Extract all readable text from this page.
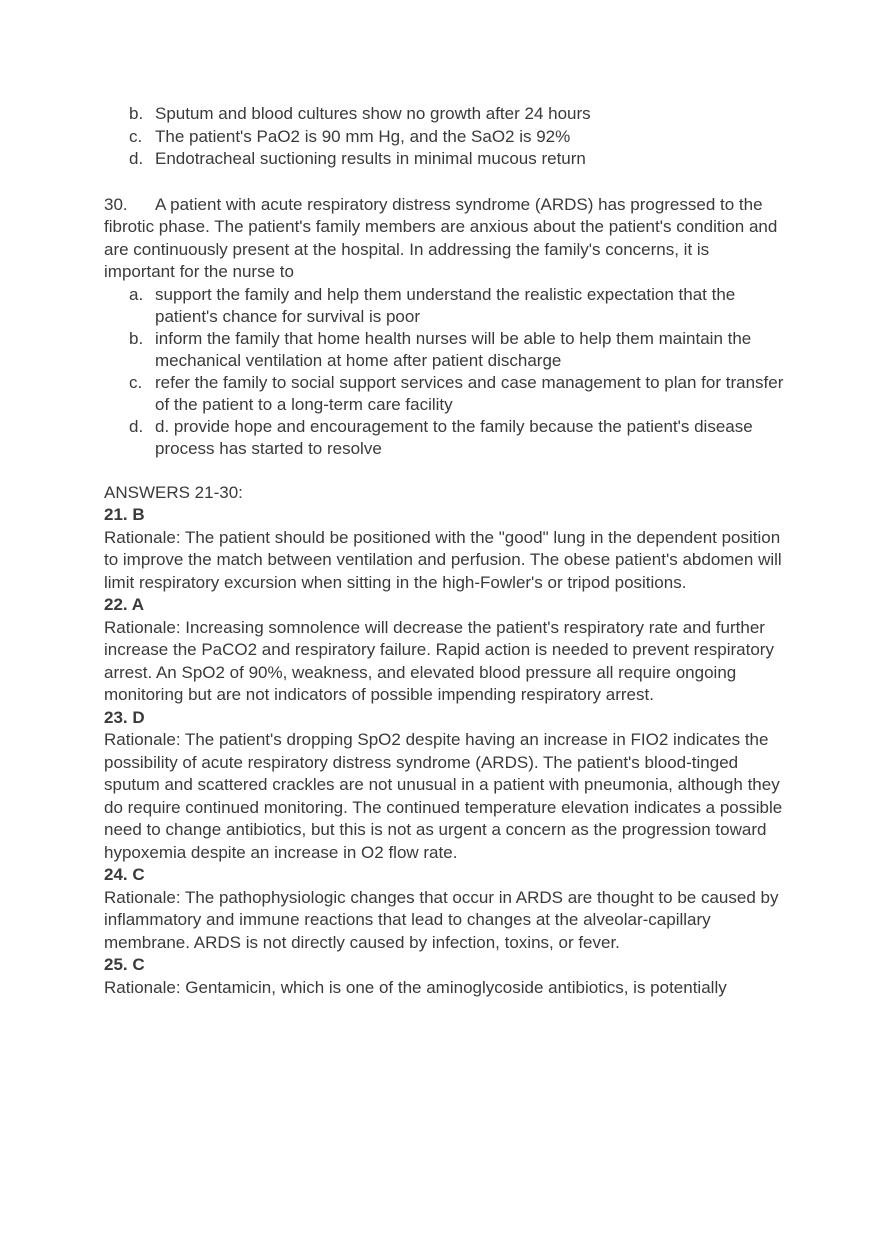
b. Sputum and blood cultures show no growth after 24 hours
c. The patient's PaO2 is 90 mm Hg, and the SaO2 is 92%
d. Endotracheal suctioning results in minimal mucous return

30. A patient with acute respiratory distress syndrome (ARDS) has progressed to the fibrotic phase. The patient's family members are anxious about the patient's condition and are continuously present at the hospital. In addressing the family's concerns, it is important for the nurse to

a. support the family and help them understand the realistic expectation that the patient's chance for survival is poor
b. inform the family that home health nurses will be able to help them maintain the mechanical ventilation at home after patient discharge
c. refer the family to social support services and case management to plan for transfer of the patient to a long-term care facility
d. d. provide hope and encouragement to the family because the patient's disease process has started to resolve

ANSWERS 21-30:

21. B

Rationale: The patient should be positioned with the "good" lung in the dependent position to improve the match between ventilation and perfusion. The obese patient's abdomen will limit respiratory excursion when sitting in the high-Fowler's or tripod positions.

22. A

Rationale: Increasing somnolence will decrease the patient's respiratory rate and further increase the PaCO2 and respiratory failure. Rapid action is needed to prevent respiratory arrest. An SpO2 of 90%, weakness, and elevated blood pressure all require ongoing monitoring but are not indicators of possible impending respiratory arrest.

23. D

Rationale: The patient's dropping SpO2 despite having an increase in FIO2 indicates the possibility of acute respiratory distress syndrome (ARDS). The patient's blood-tinged sputum and scattered crackles are not unusual in a patient with pneumonia, although they do require continued monitoring. The continued temperature elevation indicates a possible need to change antibiotics, but this is not as urgent a concern as the progression toward hypoxemia despite an increase in O2 flow rate.

24. C

Rationale: The pathophysiologic changes that occur in ARDS are thought to be caused by inflammatory and immune reactions that lead to changes at the alveolar-capillary membrane. ARDS is not directly caused by infection, toxins, or fever.

25. C

Rationale: Gentamicin, which is one of the aminoglycoside antibiotics, is potentially
